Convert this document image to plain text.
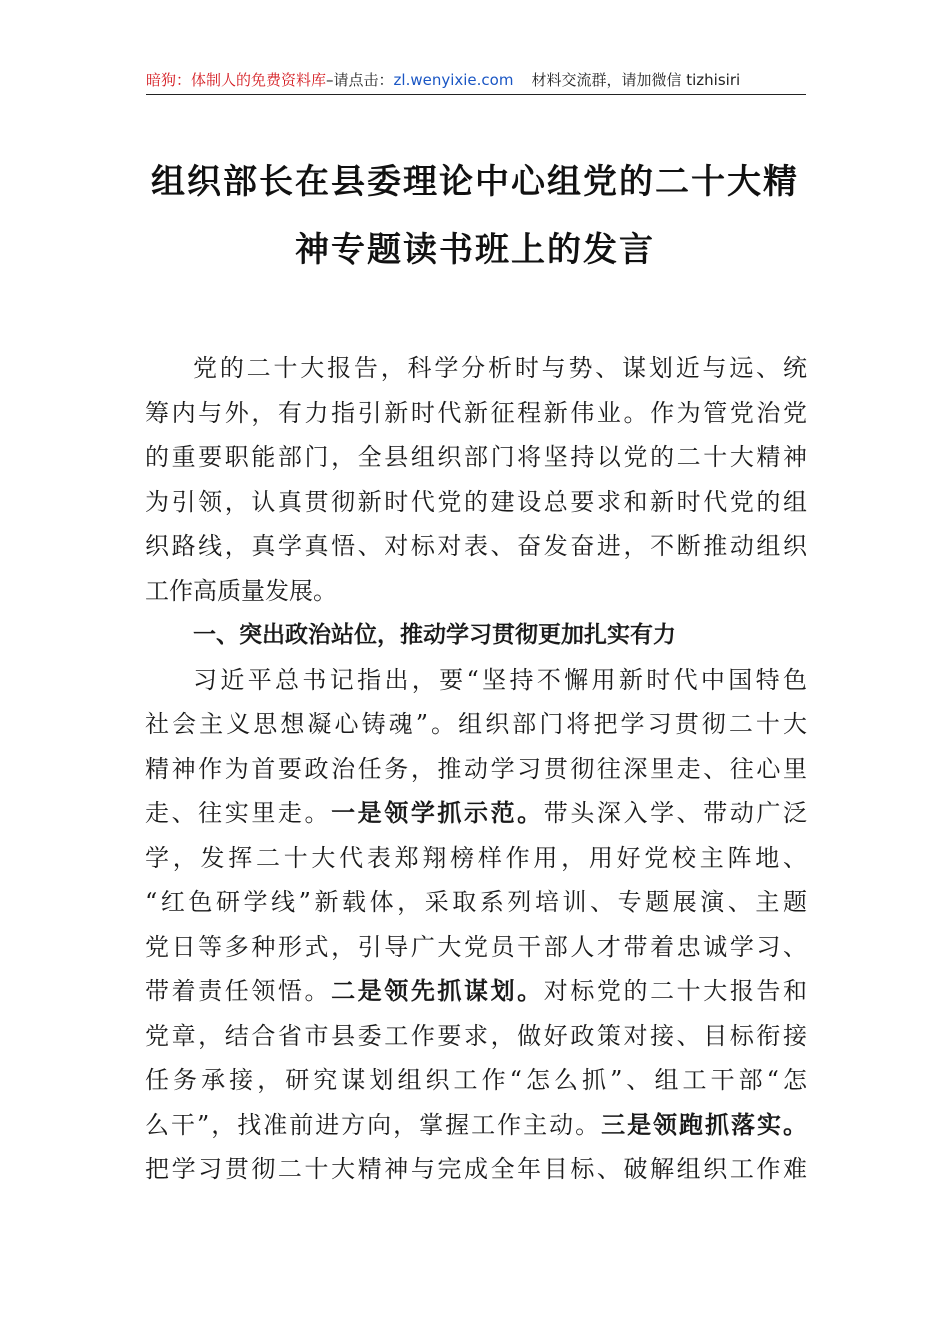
暗狗：体制人的免费资料库–请点击：zl.wenyixie.com 材料交流群，请加微信 tizhisiri
组织部长在县委理论中心组党的二十大精
神专题读书班上的发言
党的二十大报告，科学分析时与势、谋划近与远、统
筹内与外，有力指引新时代新征程新伟业。作为管党治党
的重要职能部门，全县组织部门将坚持以党的二十大精神
为引领，认真贯彻新时代党的建设总要求和新时代党的组
织路线，真学真悟、对标对表、奋发奋进，不断推动组织
工作高质量发展。
一、突出政治站位，推动学习贯彻更加扎实有力
习近平总书记指出，要“坚持不懈用新时代中国特色
社会主义思想凝心铸魂”。组织部门将把学习贯彻二十大
精神作为首要政治任务，推动学习贯彻往深里走、往心里
走、往实里走。一是领学抓示范。带头深入学、带动广泛
学，发挥二十大代表郑翔榜样作用，用好党校主阵地、
“红色研学线”新载体，采取系列培训、专题展演、主题
党日等多种形式，引导广大党员干部人才带着忠诚学习、
带着责任领悟。二是领先抓谋划。对标党的二十大报告和
党章，结合省市县委工作要求，做好政策对接、目标衔接
任务承接，研究谋划组织工作“怎么抓”、组工干部“怎
么干”，找准前进方向，掌握工作主动。三是领跑抓落实。
把学习贯彻二十大精神与完成全年目标、破解组织工作难
